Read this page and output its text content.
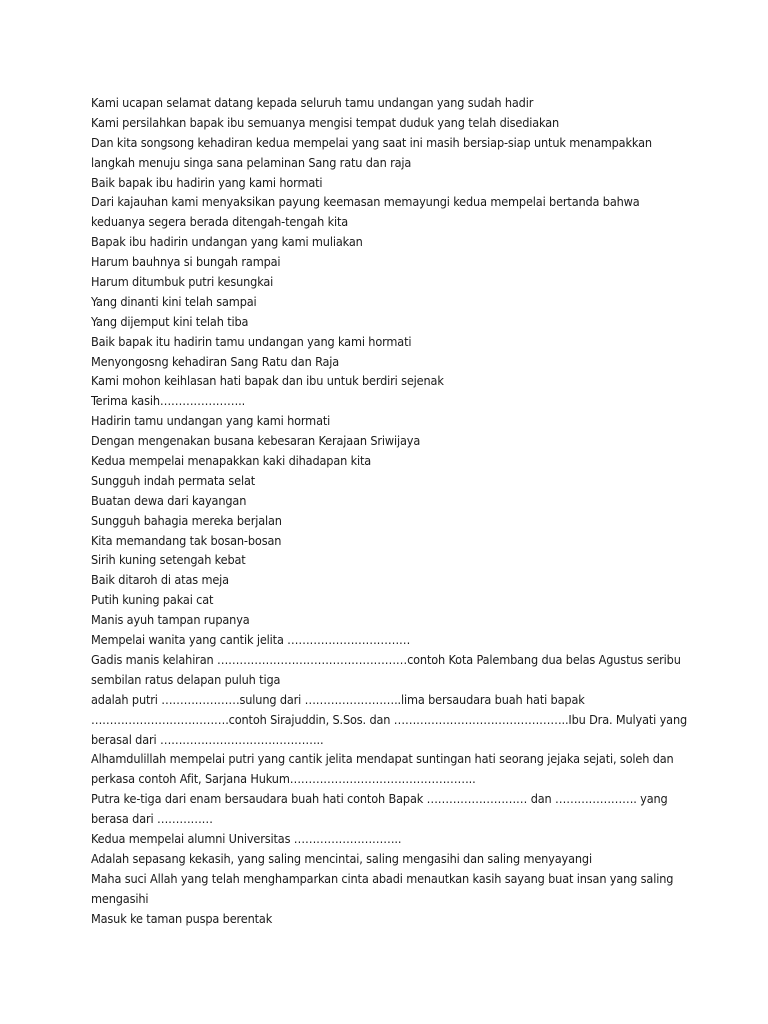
Kami ucapan selamat datang kepada seluruh tamu undangan yang sudah hadir
Kami persilahkan bapak ibu semuanya mengisi tempat duduk yang telah disediakan
Dan kita songsong kehadiran kedua mempelai yang saat ini masih bersiap-siap untuk menampakkan
langkah menuju singa sana pelaminan Sang ratu dan raja
Baik bapak ibu hadirin yang kami hormati
Dari kajauhan kami menyaksikan payung keemasan memayungi kedua mempelai bertanda bahwa
keduanya segera berada ditengah-tengah kita
Bapak ibu hadirin undangan yang kami muliakan
Harum bauhnya si bungah rampai
Harum ditumbuk putri kesungkai
Yang dinanti kini telah sampai
Yang dijemput kini telah tiba
Baik bapak itu hadirin tamu undangan yang kami hormati
Menyongosng kehadiran Sang Ratu dan Raja
Kami mohon keihlasan hati bapak dan ibu untuk berdiri sejenak
Terima kasih…………………..
Hadirin tamu undangan yang kami hormati
Dengan mengenakan busana kebesaran Kerajaan Sriwijaya
Kedua mempelai menapakkan kaki dihadapan kita
Sungguh indah permata selat
Buatan dewa dari kayangan
Sungguh bahagia mereka berjalan
Kita memandang tak bosan-bosan
Sirih kuning setengah kebat
Baik ditaroh di atas meja
Putih kuning pakai cat
Manis ayuh tampan rupanya
Mempelai wanita yang cantik jelita ……………………………
Gadis manis kelahiran ……………………………………………contoh Kota Palembang dua belas Agustus seribu
sembilan ratus delapan puluh tiga
adalah putri …………………sulung dari ……………………..lima bersaudara buah hati bapak
……………………………….contoh Sirajuddin, S.Sos. dan ………………………………………..Ibu Dra. Mulyati yang
berasal dari ……………………………………..
Alhamdulillah mempelai putri yang cantik jelita mendapat suntingan hati seorang jejaka sejati, soleh dan
perkasa contoh Afit, Sarjana Hukum…………………………………………..
Putra ke-tiga dari enam bersaudara buah hati contoh Bapak ……………………… dan …………………. yang
berasa dari ……………
Kedua mempelai alumni Universitas ………………………..
Adalah sepasang kekasih, yang saling mencintai, saling mengasihi dan saling menyayangi
Maha suci Allah yang telah menghamparkan cinta abadi menautkan kasih sayang buat insan yang saling
mengasihi
Masuk ke taman puspa berentak
